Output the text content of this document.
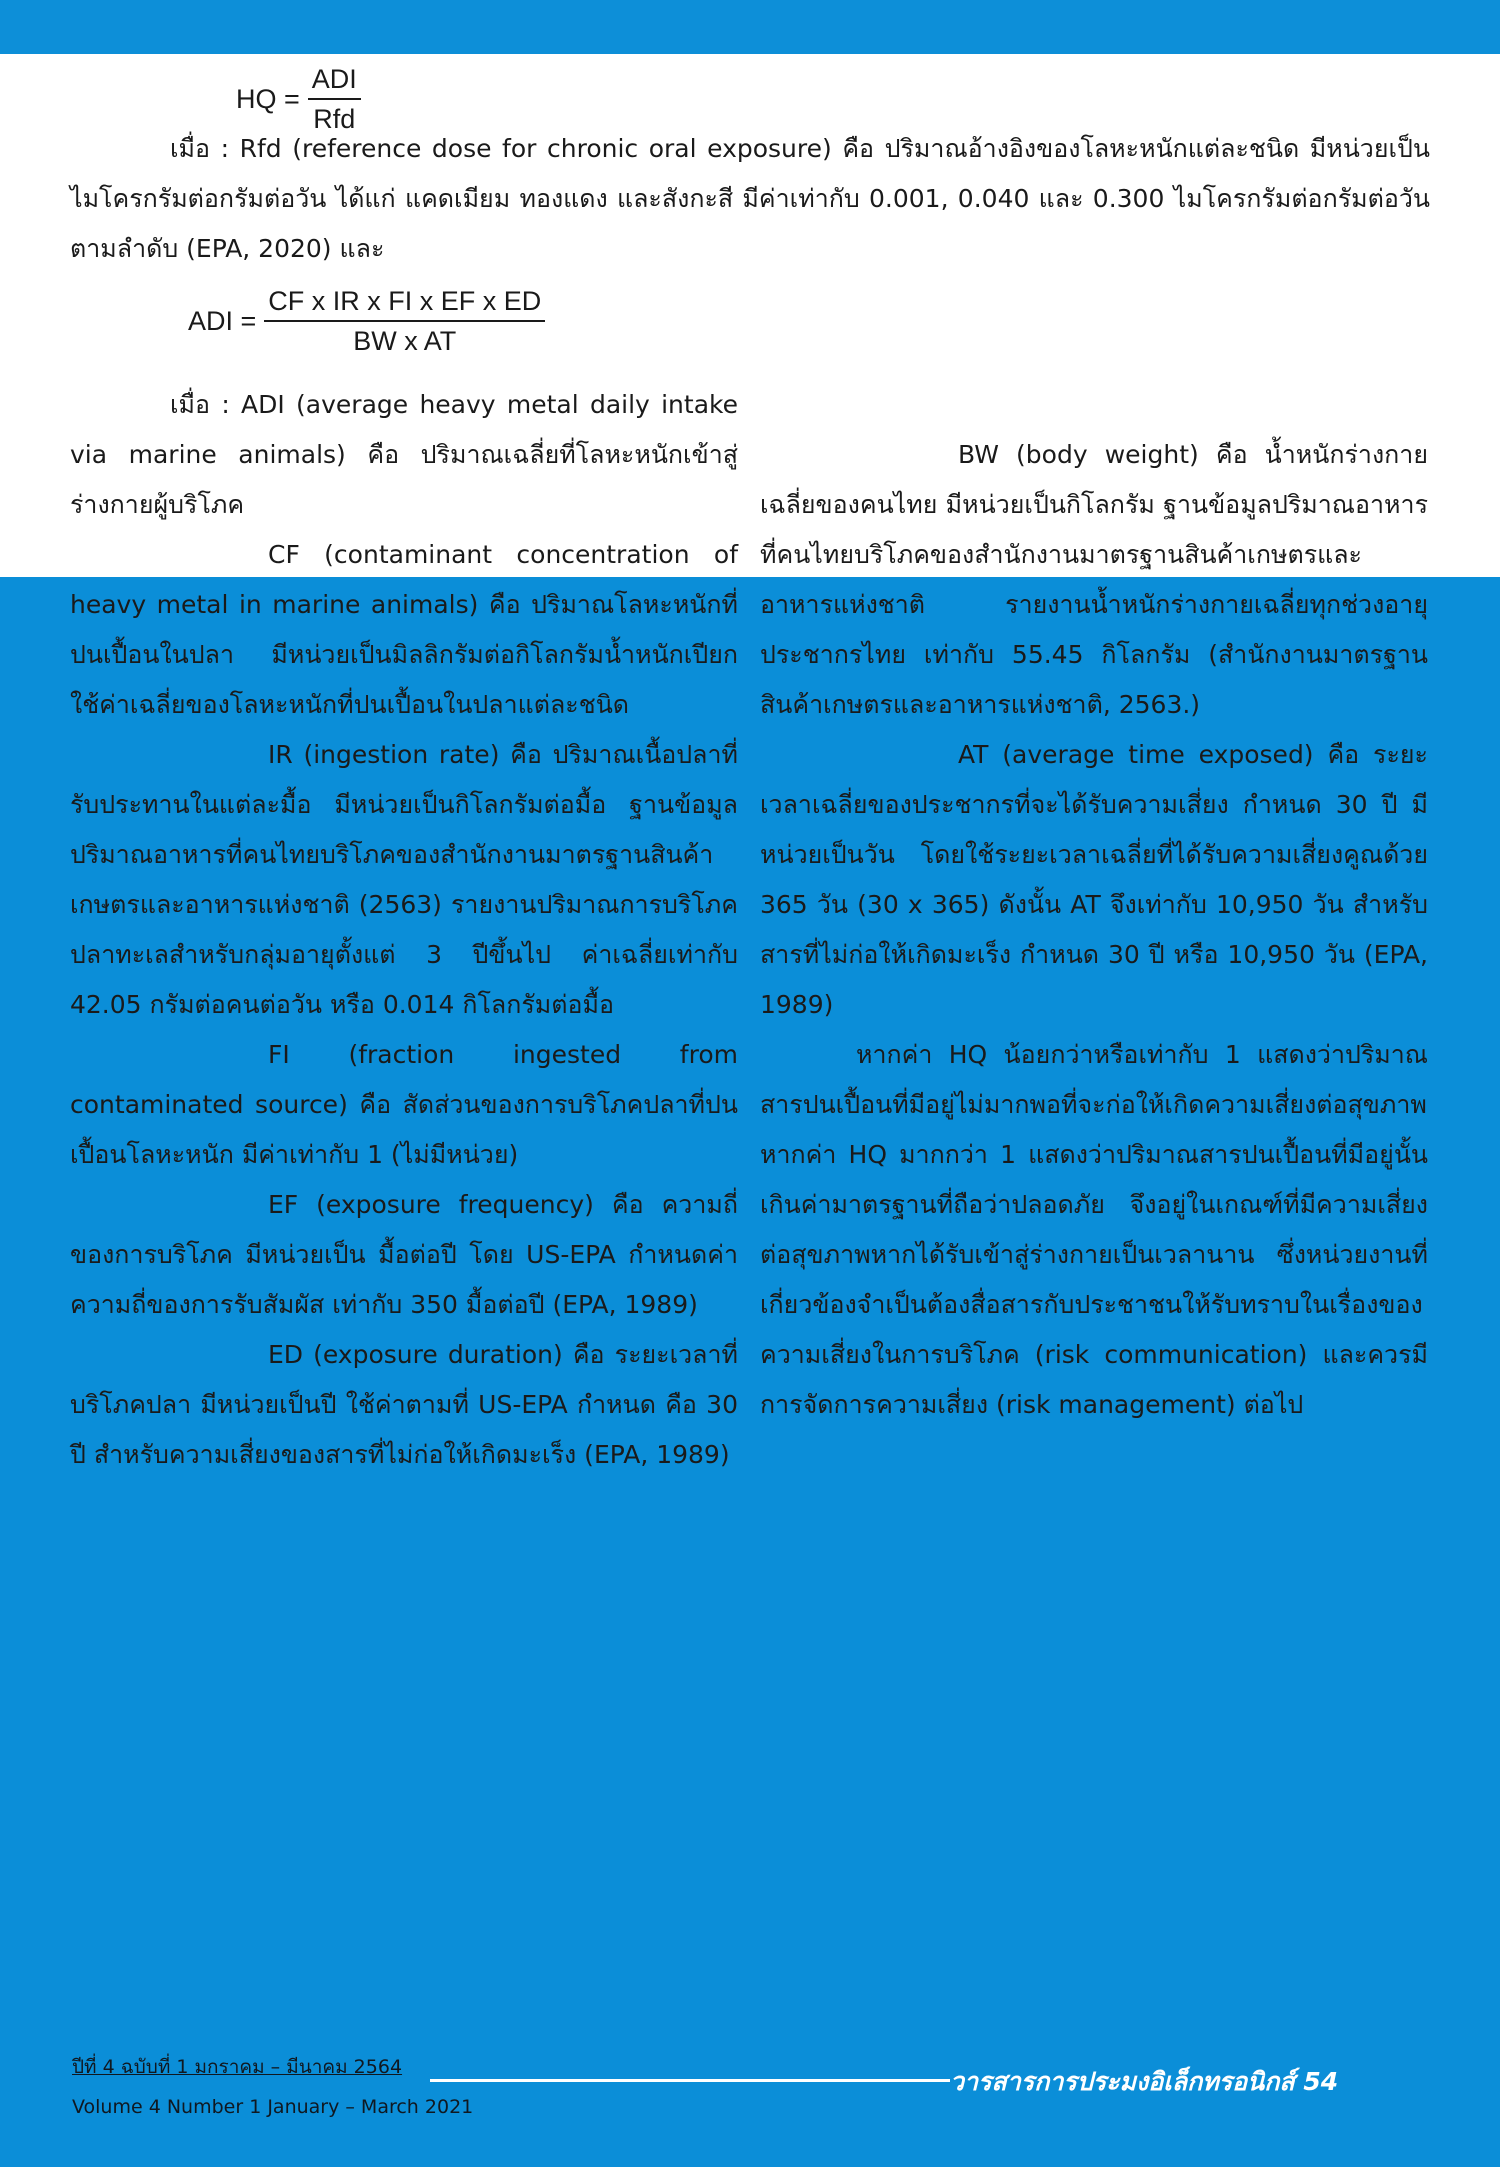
HQ = $\frac{\text{ADI}}{\text{Rfd}}$

เมื่อ : Rfd (reference dose for chronic oral exposure) คือ ปริมาณอ้างอิงของโลหะหนักแต่ละชนิด มีหน่วยเป็น ไมโครกรัมต่อกรัมต่อวัน ได้แก่ แคดเมียม ทองแดง และสังกะสี มีค่าเท่ากับ 0.001, 0.040 และ 0.300 ไมโครกรัมต่อกรัมต่อวัน ตามลำดับ (EPA, 2020) และ

ADI = $\frac{\text{CF x IR x FI x EF x ED}}{\text{BW x AT}}$

เมื่อ : ADI (average heavy metal daily intake via marine animals) คือ ปริมาณเฉลี่ยที่โลหะหนักเข้าสู่ร่างกายผู้บริโภค

CF (contaminant concentration of heavy metal in marine animals) คือ ปริมาณโลหะหนักที่ปนเปื้อนในปลา มีหน่วยเป็นมิลลิกรัมต่อกิโลกรัมน้ำหนักเปียก ใช้ค่าเฉลี่ยของโลหะหนักที่ปนเปื้อนในปลาแต่ละชนิด

IR (ingestion rate) คือ ปริมาณเนื้อปลาที่รับประทานในแต่ละมื้อ มีหน่วยเป็นกิโลกรัมต่อมื้อ ฐานข้อมูลปริมาณอาหารที่คนไทยบริโภคของสำนักงานมาตรฐานสินค้าเกษตรและอาหารแห่งชาติ (2563) รายงานปริมาณการบริโภคปลาทะเลสำหรับกลุ่มอายุตั้งแต่ 3 ปีขึ้นไป ค่าเฉลี่ยเท่ากับ 42.05 กรัมต่อคนต่อวัน หรือ 0.014 กิโลกรัมต่อมื้อ

FI (fraction ingested from contaminated source) คือ สัดส่วนของการบริโภคปลาที่ปนเปื้อนโลหะหนัก มีค่าเท่ากับ 1 (ไม่มีหน่วย)

EF (exposure frequency) คือ ความถี่ของการบริโภค มีหน่วยเป็น มื้อต่อปี โดย US-EPA กำหนดค่าความถี่ของการรับสัมผัส เท่ากับ 350 มื้อต่อปี (EPA, 1989)

ED (exposure duration) คือ ระยะเวลาที่บริโภคปลา มีหน่วยเป็นปี ใช้ค่าตามที่ US-EPA กำหนด คือ 30 ปี สำหรับความเสี่ยงของสารที่ไม่ก่อให้เกิดมะเร็ง (EPA, 1989)

BW (body weight) คือ น้ำหนักร่างกายเฉลี่ยของคนไทย มีหน่วยเป็นกิโลกรัม ฐานข้อมูลปริมาณอาหารที่คนไทยบริโภคของสำนักงานมาตรฐานสินค้าเกษตรและอาหารแห่งชาติ รายงานน้ำหนักร่างกายเฉลี่ยทุกช่วงอายุประชากรไทย เท่ากับ 55.45 กิโลกรัม (สำนักงานมาตรฐานสินค้าเกษตรและอาหารแห่งชาติ, 2563.)

AT (average time exposed) คือ ระยะเวลาเฉลี่ยของประชากรที่จะได้รับความเสี่ยง กำหนด 30 ปี มีหน่วยเป็นวัน โดยใช้ระยะเวลาเฉลี่ยที่ได้รับความเสี่ยงคูณด้วย 365 วัน (30 x 365) ดังนั้น AT จึงเท่ากับ 10,950 วัน สำหรับสารที่ไม่ก่อให้เกิดมะเร็ง กำหนด 30 ปี หรือ 10,950 วัน (EPA, 1989)

หากค่า HQ น้อยกว่าหรือเท่ากับ 1 แสดงว่าปริมาณสารปนเปื้อนที่มีอยู่ไม่มากพอที่จะก่อให้เกิดความเสี่ยงต่อสุขภาพ หากค่า HQ มากกว่า 1 แสดงว่าปริมาณสารปนเปื้อนที่มีอยู่นั้นเกินค่ามาตรฐานที่ถือว่าปลอดภัย จึงอยู่ในเกณฑ์ที่มีความเสี่ยงต่อสุขภาพหากได้รับเข้าสู่ร่างกายเป็นเวลานาน ซึ่งหน่วยงานที่เกี่ยวข้องจำเป็นต้องสื่อสารกับประชาชนให้รับทราบในเรื่องของความเสี่ยงในการบริโภค (risk communication) และควรมีการจัดการความเสี่ยง (risk management) ต่อไป

ปีที่ 4 ฉบับที่ 1 มกราคม – มีนาคม 2564	วารสารการประมงอิเล็กทรอนิกส์ 54
Volume 4 Number 1 January – March 2021
